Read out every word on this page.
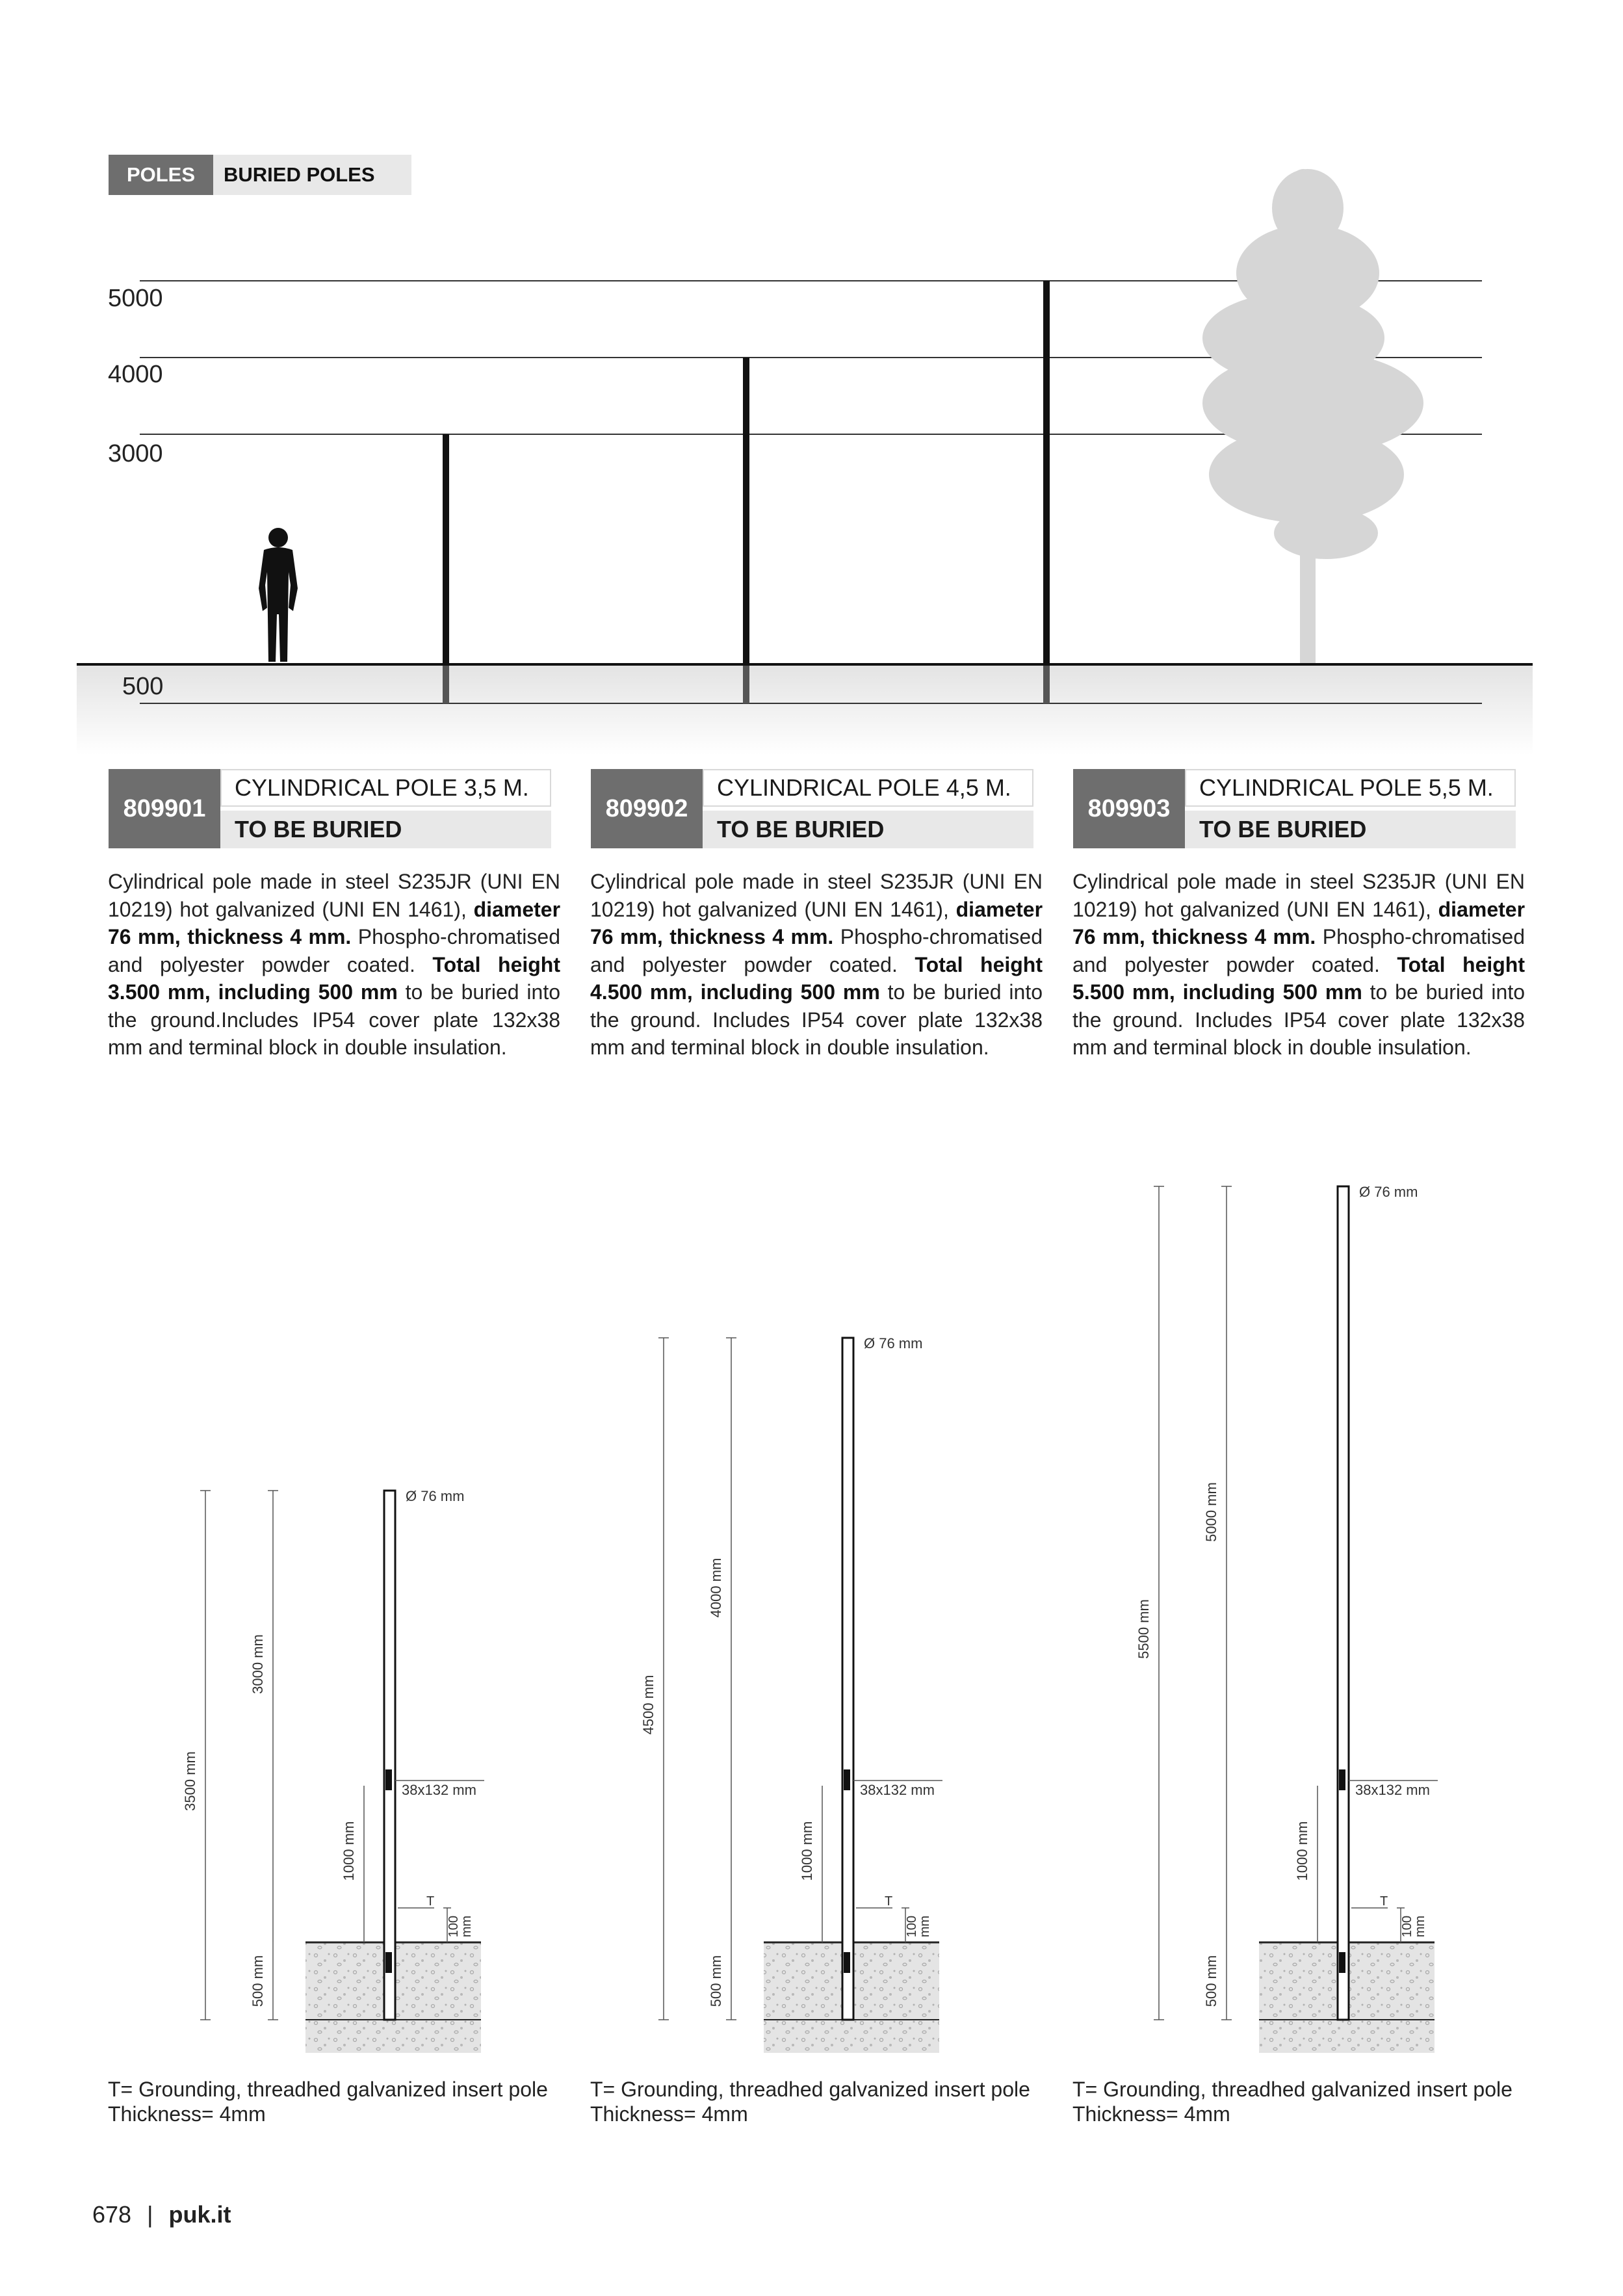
POLES	BURIED POLES
5000
4000
3000
500
809901
CYLINDRICAL POLE 3,5 M.
TO BE BURIED
809902
CYLINDRICAL POLE 4,5 M.
TO BE BURIED
809903
CYLINDRICAL POLE 5,5 M.
TO BE BURIED
Cylindrical pole made in steel S235JR (UNI EN 10219) hot galvanized (UNI EN 1461), diameter 76 mm, thickness 4 mm. Phospho-chromatised and polyester powder coated. Total height 3.500 mm, including 500 mm to be buried into the ground.Includes IP54 cover plate 132x38 mm and terminal block in double insulation.
Cylindrical pole made in steel S235JR (UNI EN 10219) hot galvanized (UNI EN 1461), diameter 76 mm, thickness 4 mm. Phospho-chromatised and polyester powder coated. Total height 4.500 mm, including 500 mm to be buried into the ground. Includes IP54 cover plate 132x38 mm and terminal block in double insulation.
Cylindrical pole made in steel S235JR (UNI EN 10219) hot galvanized (UNI EN 1461), diameter 76 mm, thickness 4 mm. Phospho-chromatised and polyester powder coated. Total height 5.500 mm, including 500 mm to be buried into the ground. Includes IP54 cover plate 132x38 mm and terminal block in double insulation.
3500 mm
3000 mm
500 mm
1000 mm
Ø 76 mm
38x132 mm
T
100
mm
4500 mm
4000 mm
500 mm
1000 mm
Ø 76 mm
38x132 mm
T
100
mm
5500 mm
5000 mm
500 mm
1000 mm
Ø 76 mm
38x132 mm
T
100
mm
T= Grounding, threadhed galvanized insert pole Thickness= 4mm
T= Grounding, threadhed galvanized insert pole Thickness= 4mm
T= Grounding, threadhed galvanized insert pole Thickness= 4mm
678 | puk.it
